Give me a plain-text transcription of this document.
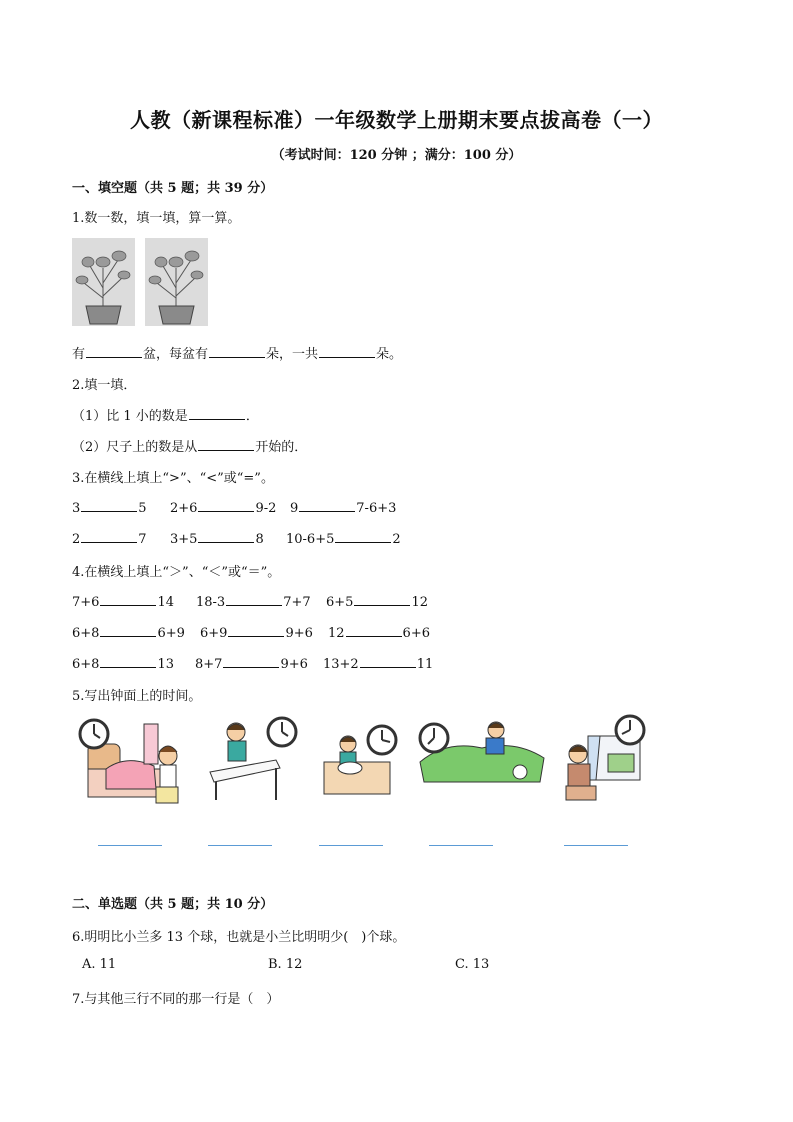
人教（新课程标准）一年级数学上册期末要点拔高卷（一）
（考试时间：120 分钟 ；满分：100 分）
一、填空题（共 5 题；共 39 分）
1.数一数，填一填，算一算。
有	盆，每盆有	朵，一共	朵。
2.填一填．
（1）比 1 小的数是	．
（2）尺子上的数是从	开始的．
3.在横线上填上“>”、“<”或“=”。
3	5 2+6	9-2 9	7-6+3
2	7 3+5	8 10-6+5	2
4.在横线上填上“＞”、“＜”或“＝”。
7+6	14 18-3	7+7 6+5	12
6+8	6+9 6+9	9+6 12	6+6
6+8	13 8+7	9+6 13+2	11
5.写出钟面上的时间。
二、单选题（共 5 题；共 10 分）
6.明明比小兰多 13 个球，也就是小兰比明明少(　)个球。
A. 11	B. 12	C. 13
7.与其他三行不同的那一行是（　）
